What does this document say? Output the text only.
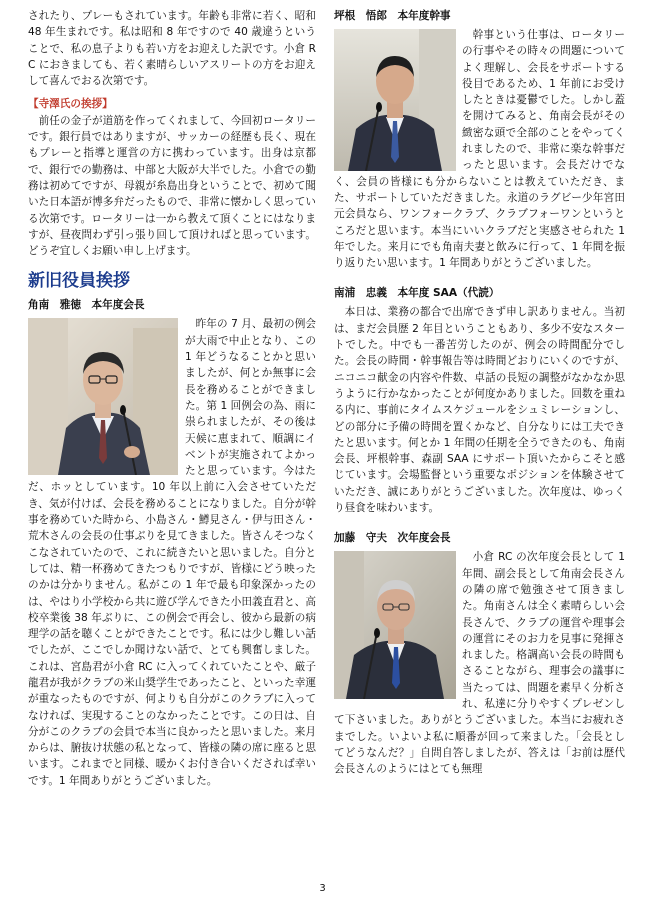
されたり、プレーもされています。年齢も非常に若く、昭和 48 年生まれです。私は昭和 8 年ですので 40 歳違うということで、私の息子よりも若い方をお迎えした訳です。小倉 RC におきましても、若く素晴らしいアスリートの方をお迎えして喜んでおる次第です。

【寺澤氏の挨拶】

前任の金子が道筋を作ってくれまして、今回初ロータリーです。銀行員ではありますが、サッカーの経歴も長く、現在もプレーと指導と運営の方に携わっています。出身は京都で、銀行での勤務は、中部と大阪が大半でした。小倉での勤務は初めてですが、母親が糸島出身ということで、初めて聞いた日本語が博多弁だったもので、非常に懐かしく思っている次第です。ロータリーは一から教えて頂くことにはなりますが、昼夜問わず引っ張り回して頂ければと思っています。どうぞ宜しくお願い申し上げます。

新旧役員挨拶
角南　雅徳　本年度会長

昨年の 7 月、最初の例会が大雨で中止となり、この 1 年どうなることかと思いましたが、何とか無事に会長を務めることができました。第 1 回例会の為、雨に祟られましたが、その後は天候に恵まれて、順調にイベントが実施されてよかったと思っています。今はただ、ホッとしています。10 年以上前に入会させていただき、気が付けば、会長を務めることになりました。自分が幹事を務めていた時から、小島さん・鱒見さん・伊与田さん・荒木さんの会長の仕事ぶりを見てきました。皆さんそつなくこなされていたので、これに続きたいと思いました。自分としては、精一杯務めてきたつもりですが、皆様にどう映ったのかは分かりません。私がこの 1 年で最も印象深かったのは、やはり小学校から共に遊び学んできた小田義直君と、高校卒業後 38 年ぶりに、この例会で再会し、彼から最新の病理学の話を聴くことができたことです。私には少し難しい話でしたが、ここでしか聞けない話で、とても興奮しました。これは、宮島君が小倉 RC に入ってくれていたことや、厳子龍君が我がクラブの米山奨学生であったこと、といった幸運が重なったものですが、何よりも自分がこのクラブに入ってなければ、実現することのなかったことです。この日は、自分がこのクラブの会員で本当に良かったと思いました。来月からは、腑抜け状態の私となって、皆様の隣の席に座ると思います。これまでと同様、暖かくお付き合いくだされば幸いです。1 年間ありがとうございました。

坪根　悟郎　本年度幹事

幹事という仕事は、ロータリーの行事やその時々の問題についてよく理解し、会長をサポートする役目であるため、1 年前にお受けしたときは憂鬱でした。しかし蓋を開けてみると、角南会長がその緻密な頭で全部のことをやってくれましたので、非常に楽な幹事だったと思います。会長だけでなく、会員の皆様にも分からないことは教えていただき、また、サポートしていただきました。永道のラグビー少年宮田元会員なら、ワンフォークラブ、クラブフォーワンというところだと思います。本当にいいクラブだと実感させられた 1 年でした。来月にでも角南夫妻と飲みに行って、1 年間を振り返りたい思います。1 年間ありがとうございました。

南浦　忠義　本年度 SAA（代読）

本日は、業務の都合で出席できず申し訳ありません。当初は、まだ会員歴 2 年目ということもあり、多少不安なスタートでした。中でも一番苦労したのが、例会の時間配分でした。会長の時間・幹事報告等は時間どおりにいくのですが、ニコニコ献金の内容や件数、卓話の長短の調整がなかなか思うように行かなかったことが何度かありました。回数を重ねる内に、事前にタイムスケジュールをシュミレーションし、どの部分に予備の時間を置くかなど、自分なりには工夫できたと思います。何とか 1 年間の任期を全うできたのも、角南会長、坪根幹事、森副 SAA にサポート頂いたからこそと感じています。会場監督という重要なポジションを体験させていただき、誠にありがとうございました。次年度は、ゆっくり昼食を味わいます。

加藤　守夫　次年度会長

小倉 RC の次年度会長として 1 年間、副会長として角南会長さんの隣の席で勉強させて頂きました。角南さんは全く素晴らしい会長さんで、クラブの運営や理事会の運営にそのお力を見事に発揮されました。格調高い会長の時間もさることながら、理事会の議事に当たっては、問題を素早く分析され、私達に分りやすくプレゼンして下さいました。ありがとうございました。本当にお疲れさまでした。いよいよ私に順番が回って来ました。「会長としてどうなんだ？」自問自答しましたが、答えは「お前は歴代会長さんのようにはとても無理

3
